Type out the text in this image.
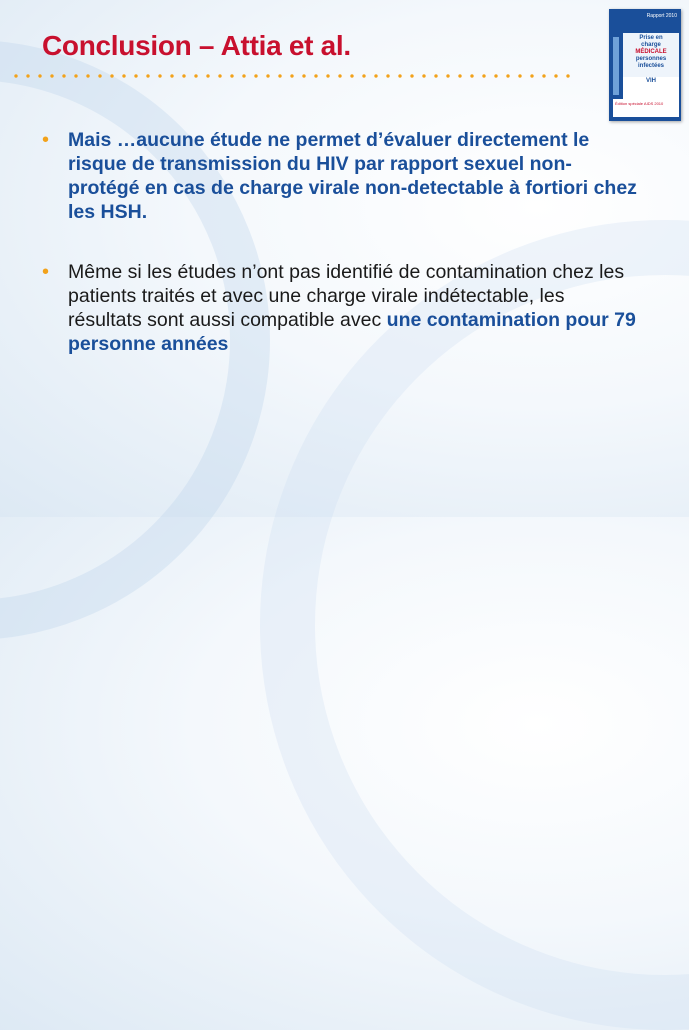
Conclusion – Attia et al.
Rapport 2010
Prise en
charge
MÉDICALE
personnes
infectées
VIH
Édition spéciale AIDS 2010
• Mais …aucune étude ne permet d’évaluer directement le risque de transmission du HIV par rapport sexuel non-protégé en cas de charge virale non-detectable à fortiori chez les HSH.
• Même si les études n’ont pas identifié de contamination chez les patients traités et avec une charge virale indétectable, les résultats sont aussi compatible avec une contamination pour 79 personne années
